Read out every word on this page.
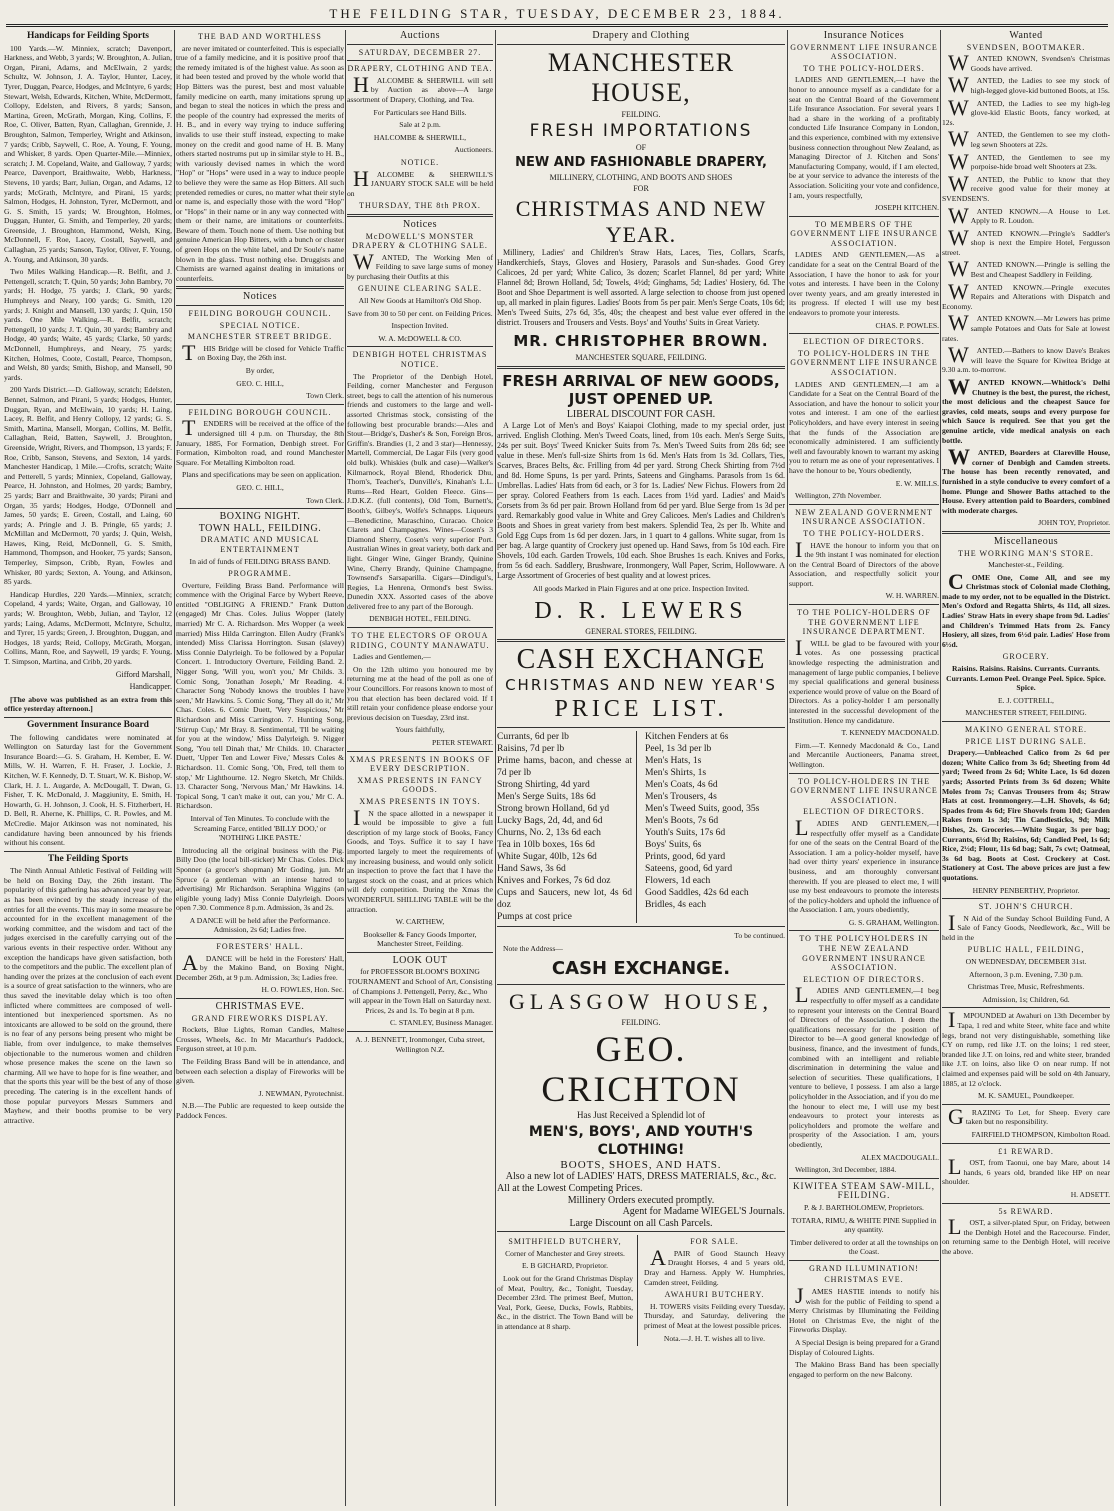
THE FEILDING STAR, TUESDAY, DECEMBER 23, 1884.
Handicaps for Feilding Sports

100 Yards.—W. Minniex, scratch; Davenport, Harkness, and Webb, 3 yards; W. Broughton, A. Julian, Organ, Pirani, Adams, and McElwain, 2 yards; Schultz, W. Johnson, J. A. Taylor, Hunter, Lacey, Tyrer, Duggan, Pearce, Hodges, and McIntyre, 6 yards; Stewart, Welsh, Edwards, Kitchen, White, McDermott, Collopy, Edelsten, and Rivers, 8 yards; Sanson, Martina, Green, McGrath, Morgan, King, Collins, F. Roe, C. Oliver, Batten, Ryan, Callaghan, Grennide, J. Broughton, Salmon, Temperley, Wright and Atkinson, 7 yards; Cribb, Saywell, C. Roe, A. Young, F. Young, and Whisker, 8 yards. Open Quarter-Mile.—Minniex, scratch; J. M. Copeland, Waite, and Galloway, 7 yards; Pearce, Davenport, Braithwaite, Webb, Harkness, Stevens, 10 yards; Barr, Julian, Organ, and Adams, 12 yards; McGrath, McIntyre, and Pirani, 15 yards; Salmon, Hodges, H. Johnston, Tyrer, McDermott, and G. S. Smith, 15 yards; W. Broughton, Holmes, Duggan, Hunter, G. Smith, and Temperley, 20 yards; Greenside, J. Broughton, Hammond, Welsh, King, McDonnell, F. Roe, Lacey, Costall, Saywell, and Callaghan, 25 yards; Sanson, Taylor, Oliver, F. Young, A. Young, and Atkinson, 30 yards.

Two Miles Walking Handicap.—R. Belfit, and J. Pettengell, scratch; T. Quin, 50 yards; John Bambry, 70 yards; H. Hodge, 75 yards; J. Clark, 90 yards; Humphreys and Neary, 100 yards; G. Smith, 120 yards; J. Knight and Mansell, 130 yards; J. Quin, 150 yards. One Mile Walking.—R. Belfit, scratch; Pettengell, 10 yards; J. T. Quin, 30 yards; Bambry and Hodge, 40 yards; Waite, 45 yards; Clarke, 50 yards; McDonnell, Humphreys, and Neary, 75 yards; Kitchen, Holmes, Coote, Costall, Pearce, Thompson, and Welsh, 80 yards; Smith, Bishop, and Mansell, 90 yards.

200 Yards District.—D. Galloway, scratch; Edelsten, Bennet, Salmon, and Pirani, 5 yards; Hodges, Hunter, Duggan, Ryan, and McElwain, 10 yards; H. Laing, Lacey, R. Belfit, and Henry Collopy, 12 yards; G. S. Smith, Martina, Mansell, Morgan, Collins, M. Belfit, Callaghan, Reid, Batten, Saywell, J. Broughton, Greenside, Wright, Rivers, and Thompson, 13 yards; F. Roe, Cribb, Sanson, Stevens, and Sexton, 14 yards. Manchester Handicap, 1 Mile.—Crofts, scratch; Waite and Petterell, 5 yards; Minniex, Copeland, Galloway, Pearce, H. Johnston, and Holmes, 20 yards; Bambry, 25 yards; Barr and Braithwaite, 30 yards; Pirani and Organ, 35 yards; Hodges, Hodge, O'Donnell and James, 50 yards; E. Green, Costall, and Laing, 60 yards; A. Pringle and J. B. Pringle, 65 yards; J. McMillan and McDermott, 70 yards; J. Quin, Welsh, Hawes, King, Reid, McDonnell, G. S. Smith, Hammond, Thompson, and Hooker, 75 yards; Sanson, Temperley, Simpson, Cribb, Ryan, Fowles and Whisker, 80 yards; Sexton, A. Young, and Atkinson, 85 yards.

Handicap Hurdles, 220 Yards.—Minniex, scratch; Copeland, 4 yards; Waite, Organ, and Galloway, 10 yards; W. Broughton, Webb, Julian, and Taylor, 12 yards; Laing, Adams, McDermott, McIntyre, Schultz, and Tyrer, 15 yards; Green, J. Broughton, Duggan, and Hodges, 18 yards; Reid, Collopy, McGrath, Morgan, Collins, Mann, Roe, and Saywell, 19 yards; F. Young, T. Simpson, Martina, and Cribb, 20 yards.

Gifford Marshall,

Handicapper.

[The above was published as an extra from this office yesterday afternoon.]

Government Insurance Board

The following candidates were nominated at Wellington on Saturday last for the Government Insurance Board:—G. S. Graham, H. Kember, E. W. Mills, W. H. Warren, F. H. Fraser, J. Lockie, J. Kitchen, W. F. Kennedy, D. T. Stuart, W. K. Bishop, W. Clark, H. J. L. Augarde, A. McDougall, T. Dwan, G. Fisher, T. K. McDonald, J. Maggiunity, E. Smith, H. Howarth, G. H. Johnson, J. Cook, H. S. Fitzherbert, H. D. Bell, R. Aherne, K. Phillips, C. R. Powles, and M. McCredie. Major Atkinson was not nominated, his candidature having been announced by his friends without his consent.

The Feilding Sports

The Ninth Annual Athletic Festival of Feilding will be held on Boxing Day, the 26th instant. The popularity of this gathering has advanced year by year, as has been evinced by the steady increase of the entries for all the events. This may in some measure be accounted for in the excellent management of the working committee, and the wisdom and tact of the judges exercised in the carefully carrying out of the various events in their respective order. Without any exception the handicaps have given satisfaction, both to the competitors and the public. The excellent plan of handing over the prizes at the conclusion of each event is a source of great satisfaction to the winners, who are thus saved the inevitable delay which is too often inflicted where committees are composed of well-intentioned but inexperienced sportsmen. As no intoxicants are allowed to be sold on the ground, there is no fear of any persons being present who might be liable, from over indulgence, to make themselves objectionable to the numerous women and children whose presence makes the scene on the lawn so charming. All we have to hope for is fine weather, and that the sports this year will be the best of any of those preceding. The catering is in the excellent hands of those popular purveyors Messrs Summers and Mayhew, and their booths promise to be very attractive.

THE BAD AND WORTHLESS

are never imitated or counterfeited. This is especially true of a family medicine, and it is positive proof that the remedy imitated is of the highest value. As soon as it had been tested and proved by the whole world that Hop Bitters was the purest, best and most valuable family medicine on earth, many imitations sprung up and began to steal the notices in which the press and the people of the country had expressed the merits of H. B., and in every way trying to induce suffering invalids to use their stuff instead, expecting to make money on the credit and good name of H. B. Many others started nostrums put up in similar style to H. B., with variously devised names in which the word "Hop" or "Hops" were used in a way to induce people to believe they were the same as Hop Bitters. All such pretended remedies or cures, no matter what their style or name is, and especially those with the word "Hop" or "Hops" in their name or in any way connected with them or their name, are imitations or counterfeits. Beware of them. Touch none of them. Use nothing but genuine American Hop Bitters, with a bunch or cluster of green Hops on the white label, and Dr Soule's name blown in the glass. Trust nothing else. Druggists and Chemists are warned against dealing in imitations or counterfeits.

Notices
FEILDING BOROUGH COUNCIL.
SPECIAL NOTICE.
MANCHESTER STREET BRIDGE.

THIS Bridge will be closed for Vehicle Traffic on Boxing Day, the 26th inst.

By order,

GEO. C. HILL,

Town Clerk.

FEILDING BOROUGH COUNCIL.

TENDERS will be received at the office of the undersigned till 4 p.m. on Thursday, the 8th January, 1885, For Formation, Denbigh street. For Formation, Kimbolton road, and round Manchester Square. For Metalling Kimbolton road.

Plans and specifications may be seen on application.

GEO. C. HILL,

Town Clerk.

BOXING NIGHT.
TOWN HALL, FEILDING.
DRAMATIC AND MUSICAL ENTERTAINMENT

In aid of funds of FEILDING BRASS BAND.

PROGRAMME.

Overture, Feilding Brass Band. Performance will commence with the Original Farce by Wybert Reeve, entitled "OBLIGING A FRIEND." Frank Dutton (engaged) Mr Chas. Coles. Julius Wopper (lately married) Mr C. A. Richardson. Mrs Wopper (a week married) Miss Hilda Carrington. Ellen Audry (Frank's intended) Miss Clarissa Horrington. Susan (slavey) Miss Connie Dalyrleigh. To be followed by a Popular Concert. 1. Introductory Overture, Feilding Band. 2. Nigger Song, 'Will you, won't you,' Mr Childs. 3. Comic Song, 'Jonathan Joseph,' Mr Reading. 4. Character Song 'Nobody knows the troubles I have seen,' Mr Hawkins. 5. Comic Song, 'They all do it,' Mr Chas. Coles. 6. Comic Duett, 'Very Suspicious,' Mr Richardson and Miss Carrington. 7. Hunting Song, 'Stirrup Cup,' Mr Bray. 8. Sentimental, 'I'll be waiting for you at the window,' Miss Dalyrleigh. 9. Nigger Song, 'You tell Dinah that,' Mr Childs. 10. Character Duett, 'Upper Ten and Lower Five,' Messrs Coles & Richardson. 11. Comic Song, 'Oh, Fred, tell them to stop,' Mr Lighthourne. 12. Negro Sketch, Mr Childs. 13. Character Song, 'Nervous Man,' Mr Hawkins. 14. Topical Song, 'I can't make it out, can you,' Mr C. A. Richardson.

Interval of Ten Minutes. To conclude with the Screaming Farce, entitled 'BILLY DOO,' or 'NOTHING LIKE PASTE.'

Introducing all the original business with the Pig. Billy Doo (the local bill-sticker) Mr Chas. Coles. Dick Sponner (a grocer's shopman) Mr Goding, jun. Mr Spruce (a gentleman with an intense hatred to advertising) Mr Richardson. Seraphina Wiggins (an eligible young lady) Miss Connie Dalyrleigh. Doors open 7.30. Commence 8 p.m. Admission, 3s and 2s.

A DANCE will be held after the Performance. Admission, 2s 6d; Ladies free.

FORESTERS' HALL.

ADANCE will be held in the Foresters' Hall, by the Makino Band, on Boxing Night, December 26th, at 9 p.m. Admission, 3s; Ladies free.

H. O. FOWLES, Hon. Sec.

CHRISTMAS EVE.
GRAND FIREWORKS DISPLAY.

Rockets, Blue Lights, Roman Candles, Maltese Crosses, Wheels, &c. In Mr Macarthur's Paddock, Ferguson street, at 10 p.m.

The Feilding Brass Band will be in attendance, and between each selection a display of Fireworks will be given.

J. NEWMAN, Pyrotechnist.

N.B.—The Public are requested to keep outside the Paddock Fences.

Auctions
SATURDAY, DECEMBER 27.
DRAPERY, CLOTHING AND TEA.

HALCOMBE & SHERWILL will sell by Auction as above—A large assortment of Drapery, Clothing, and Tea.

For Particulars see Hand Bills.

Sale at 2 p.m.

HALCOMBE & SHERWILL,

Auctioneers.

NOTICE.

HALCOMBE & SHERWILL'S JANUARY STOCK SALE will be held on

THURSDAY, THE 8th PROX.
Notices
McDOWELL'S MONSTER DRAPERY & CLOTHING SALE.

WANTED, The Working Men of Feilding to save large sums of money by purchasing their Outfits at this

GENUINE CLEARING SALE.

All New Goods at Hamilton's Old Shop.

Save from 30 to 50 per cent. on Feilding Prices.

Inspection Invited.

W. A. McDOWELL & CO.

DENBIGH HOTEL CHRISTMAS NOTICE.

The Proprietor of the Denbigh Hotel, Feilding, corner Manchester and Ferguson street, begs to call the attention of his numerous friends and customers to the large and well-assorted Christmas stock, consisting of the following best procurable brands:—Ales and Stout—Bridge's, Dasher's & Son, Foreign Bros, Griffin's. Brandies (1, 2 and 3 star)—Hennessy, Martell, Commercial, De Lagar Fils (very good old bulk). Whiskies (bulk and case)—Walker's Kilmarnock, Royal Blend, Rhoderick Dhu, Thorn's, Teacher's, Dunville's, Kinahan's L.L. Rums—Red Heart, Golden Fleece. Gins—J.D.K.Z. (full contents), Old Tom, Burnett's, Booth's, Gilbey's, Wolfe's Schnapps. Liqueurs—Benedictine, Maraschino, Curacao. Choice Clarets and Champagnes. Wines—Cosen's 3 Diamond Sherry, Cosen's very superior Port. Australian Wines in great variety, both dark and light. Ginger Wine, Ginger Brandy, Quinine Wine, Cherry Brandy, Quinine Champagne, Townsend's Sarsaparilla. Cigars—Dindigul's, Regies, La Henrena, Ormond's best Swiss. Dunedin XXX. Assorted cases of the above delivered free to any part of the Borough.

DENBIGH HOTEL, FEILDING.

TO THE ELECTORS OF OROUA RIDING, COUNTY MANAWATU.

Ladies and Gentlemen,—

On the 12th ultimo you honoured me by returning me at the head of the poll as one of your Councillors. For reasons known to most of you that election has been declared void. If I still retain your confidence please endorse your previous decision on Tuesday, 23rd inst.

Yours faithfully,

PETER STEWART.

XMAS PRESENTS IN BOOKS OF EVERY DESCRIPTION.
XMAS PRESENTS IN FANCY GOODS.
XMAS PRESENTS IN TOYS.

IN the space allotted in a newspaper it would be impossible to give a full description of my large stock of Books, Fancy Goods, and Toys. Suffice it to say I have imported largely to meet the requirements of my increasing business, and would only solicit an inspection to prove the fact that I have the largest stock on the coast, and at prices which will defy competition. During the Xmas the WONDERFUL SHILLING TABLE will be the attraction.

W. CARTHEW,

Bookseller & Fancy Goods Importer, Manchester Street, Feilding.

LOOK OUT

for PROFESSOR BLOOM'S BOXING TOURNAMENT and School of Art, Consisting of Champions J. Pettengell, Perry, &c., Who will appear in the Town Hall on Saturday next. Prices, 2s and 1s. To begin at 8 p.m.

C. STANLEY, Business Manager.

A. J. BENNETT, Ironmonger, Cuba street, Wellington N.Z.

Drapery and Clothing
MANCHESTER HOUSE,
FEILDING.
FRESH IMPORTATIONS
OF
NEW AND FASHIONABLE DRAPERY,
MILLINERY, CLOTHING, AND BOOTS AND SHOES
FOR
CHRISTMAS AND NEW YEAR.

Millinery, Ladies' and Children's Straw Hats, Laces, Ties, Collars, Scarfs, Handkerchiefs, Stays, Gloves and Hosiery, Parasols and Sun-shades. Good Grey Calicoes, 2d per yard; White Calico, 3s dozen; Scarlet Flannel, 8d per yard; White Flannel 8d; Brown Holland, 5d; Towels, 4½d; Ginghams, 5d; Ladies' Hosiery, 6d. The Boot and Shoe Department is well assorted. A large selection to choose from just opened up, all marked in plain figures. Ladies' Boots from 5s per pair. Men's Serge Coats, 10s 6d; Men's Tweed Suits, 27s 6d, 35s, 40s; the cheapest and best value ever offered in the district. Trousers and Trousers and Vests. Boys' and Youths' Suits in Great Variety.

MR. CHRISTOPHER BROWN.
MANCHESTER SQUARE, FEILDING.
FRESH ARRIVAL OF NEW GOODS,
JUST OPENED UP.
LIBERAL DISCOUNT FOR CASH.

A Large Lot of Men's and Boys' Kaiapoi Clothing, made to my special order, just arrived. English Clothing. Men's Tweed Coats, lined, from 10s each. Men's Serge Suits, 24s per suit. Boys' Tweed Knicker Suits from 7s. Men's Tweed Suits from 28s 6d; see value in these. Men's full-size Shirts from 1s 6d. Men's Hats from 1s 3d. Collars, Ties, Scarves, Braces Belts, &c. Frilling from 4d per yard. Strong Check Shirting from 7½d and 8d. Home Spuns, 1s per yard. Prints, Sateens and Ginghams. Parasols from 1s 6d. Umbrellas. Ladies' Hats from 6d each, or 3 for 1s. Ladies' New Fichus. Flowers from 2d per spray. Colored Feathers from 1s each. Laces from 1½d yard. Ladies' and Maid's Corsets from 3s 6d per pair. Brown Holland from 6d per yard. Blue Serge from 1s 3d per yard. Remarkably good value in White and Grey Calicoes. Men's Ladies and Children's Boots and Shoes in great variety from best makers. Splendid Tea, 2s per lb. White and Gold Egg Cups from 1s 6d per dozen. Jars, in 1 quart to 4 gallons. White sugar, from 1s per bag. A large quantity of Crockery just opened up. Hand Saws, from 5s 10d each. Fire Shovels, 10d each. Garden Trowels, 10d each. Shoe Brushes 1s each. Knives and Forks, from 5s 6d each. Saddlery, Brushware, Ironmongery, Wall Paper, Scrim, Hollowware. A Large Assortment of Groceries of best quality and at lowest prices.

All goods Marked in Plain Figures and at one price. Inspection Invited.

D. R. LEWERS
GENERAL STORES, FEILDING.
CASH EXCHANGE
CHRISTMAS AND NEW YEAR'S
PRICE LIST.
Currants, 6d per lb
Raisins, 7d per lb
Prime hams, bacon, and chesse at 7d per lb
Strong Shirting, 4d yard
Men's Serge Suits, 18s 6d
Strong brown Holland, 6d yd
Lucky Bags, 2d, 4d, and 6d
Churns, No. 2, 13s 6d each
Tea in 10lb boxes, 16s 6d
White Sugar, 40lb, 12s 6d
Hand Saws, 3s 6d
Knives and Forkes, 7s 6d doz
Cups and Saucers, new lot, 4s 6d doz
Pumps at cost price
Kitchen Fenders at 6s
Peel, 1s 3d per lb
Men's Hats, 1s
Men's Shirts, 1s
Men's Coats, 4s 6d
Men's Trousers, 4s
Men's Tweed Suits, good, 35s
Men's Boots, 7s 6d
Youth's Suits, 17s 6d
Boys' Suits, 6s
Prints, good, 6d yard
Sateens, good, 6d yard
Flowers, 1d each
Good Saddles, 42s 6d each
Bridles, 4s each

To be continued.

Note the Address—

CASH EXCHANGE.
GLASGOW HOUSE,
FEILDING.
GEO. CRICHTON
Has Just Received a Splendid lot of
MEN'S, BOYS', AND YOUTH'S CLOTHING!
BOOTS, SHOES, AND HATS.
Also a new lot of LADIES' HATS, DRESS MATERIALS, &c., &c.
All at the Lowest Competing Prices.
Millinery Orders executed promptly.
Agent for Madame WIEGEL'S Journals.
Large Discount on all Cash Parcels.
SMITHFIELD BUTCHERY,

Corner of Manchester and Grey streets.

E. B GICHARD, Proprietor.

Look out for the Grand Christmas Display of Meat, Poultry, &c., Tonight, Tuesday, December 23rd. The primest Beef, Mutton, Veal, Pork, Geese, Ducks, Fowls, Rabbits, &c., in the district. The Town Band will be in attendance at 8 sharp.

FOR SALE.

APAIR of Good Staunch Heavy Draught Horses, 4 and 5 years old, Dray and Harness. Apply W. Humphries, Camden street, Feilding.

AWAHURI BUTCHERY.

H. TOWERS visits Feilding every Tuesday, Thursday, and Saturday, delivering the primest of Meat at the lowest possible prices.

Nota.—J. H. T. wishes all to live.

Insurance Notices
GOVERNMENT LIFE INSURANCE ASSOCIATION.
TO THE POLICY-HOLDERS.

LADIES AND GENTLEMEN,—I have the honor to announce myself as a candidate for a seat on the Central Board of the Government Life Insurance Association. For several years I had a share in the working of a profitably conducted Life Insurance Company in London, and this experience, combined with my extensive business connection throughout New Zealand, as Managing Director of J. Kitchen and Sons' Manufacturing Company, would, if I am elected, be at your service to advance the interests of the Association. Soliciting your vote and confidence, I am, yours respectfully,

JOSEPH KITCHEN.

TO MEMBERS OF THE GOVERNMENT LIFE INSURANCE ASSOCIATION.

LADIES AND GENTLEMEN,—AS a candidate for a seat on the Central Board of the Association, I have the honor to ask for your votes and interests. I have been in the Colony over twenty years, and am greatly interested in its progress. If elected I will use my best endeavors to promote your interests.

CHAS. P. POWLES.

ELECTION OF DIRECTORS.
TO POLICY-HOLDERS IN THE GOVERNMENT LIFE INSURANCE ASSOCIATION.

LADIES AND GENTLEMEN,—I am a Candidate for a Seat on the Central Board of the Association, and have the honour to solicit your votes and interest. I am one of the earliest Policyholders, and have every interest in seeing that the funds of the Association are economically administered. I am sufficiently well and favourably known to warrant my asking you to return me as one of your representatives. I have the honour to be, Yours obediently,

E. W. MILLS.

Wellington, 27th November.

NEW ZEALAND GOVERNMENT INSURANCE ASSOCIATION.
TO THE POLICY-HOLDERS.

IHAVE the honour to inform you that on the 9th instant I was nominated for election on the Central Board of Directors of the above Association, and respectfully solicit your support.

W. H. WARREN.

TO THE POLICY-HOLDERS OF THE GOVERNMENT LIFE INSURANCE DEPARTMENT.

IWILL be glad to be favoured with your votes. As one possessing practical knowledge respecting the administration and management of large public companies, I believe my special qualifications and general business experience would prove of value on the Board of Directors. As a policy-holder I am personally interested in the successful development of the Institution. Hence my candidature.

T. KENNEDY MACDONALD.

Firm.—T. Kennedy Macdonald & Co., Land and Mercantile Auctioneers, Panama street, Wellington.

TO POLICY-HOLDERS IN THE GOVERNMENT LIFE INSURANCE ASSOCIATION.
ELECTION OF DIRECTORS.

LADIES AND GENTLEMEN,—I respectfully offer myself as a Candidate for one of the seats on the Central Board of the Association. I am a policy-holder myself, have had over thirty years' experience in insurance business, and am thoroughly conversant therewith. If you are pleased to elect me, I will use my best endeavours to promote the interests of the policy-holders and uphold the influence of the Association. I am, yours obediently,

G. S. GRAHAM, Wellington.

TO THE POLICYHOLDERS IN THE NEW ZEALAND GOVERNMENT INSURANCE ASSOCIATION.
ELECTION OF DIRECTORS.

LADIES AND GENTLEMEN,—I beg respectfully to offer myself as a candidate to represent your interests on the Central Board of Directors of the Association. I deem the qualifications necessary for the position of Director to be—A good general knowledge of business, finance, and the investment of funds, combined with an intelligent and reliable discrimination in determining the value and selection of securities. These qualifications, I venture to believe, I possess. I am also a large policyholder in the Association, and if you do me the honour to elect me, I will use my best endeavours to protect your interests as policyholders and promote the welfare and prosperity of the Association. I am, yours obediently,

ALEX MACDOUGALL.

Wellington, 3rd December, 1884.

KIWITEA STEAM SAW-MILL, FEILDING.

P. & J. BARTHOLOMEW, Proprietors.

TOTARA, RIMU, & WHITE PINE Supplied in any quantity.

Timber delivered to order at all the townships on the Coast.

GRAND ILLUMINATION!
CHRISTMAS EVE.

JAMES HASTIE intends to notify his wish for the public of Feilding to spend a Merry Christmas by Illuminating the Feilding Hotel on Christmas Eve, the night of the Fireworks Display.

A Special Design is being prepared for a Grand Display of Coloured Lights.

The Makino Brass Band has been specially engaged to perform on the new Balcony.

Wanted
SVENDSEN, BOOTMAKER.

WANTED KNOWN, Svendsen's Christmas Goods have arrived.

WANTED, the Ladies to see my stock of high-legged glove-kid buttoned Boots, at 15s.

WANTED, the Ladies to see my high-leg glove-kid Elastic Boots, fancy worked, at 12s.

WANTED, the Gentlemen to see my cloth-leg sewn Shooters at 22s.

WANTED, the Gentlemen to see my porpoise-hide broad welt Shooters at 23s.

WANTED, the Public to know that they receive good value for their money at SVENDSEN'S.

WANTED KNOWN.—A House to Let. Apply to R. Loudon.

WANTED KNOWN.—Pringle's Saddler's shop is next the Empire Hotel, Fergusson street.

WANTED KNOWN.—Pringle is selling the Best and Cheapest Saddlery in Feilding.

WANTED KNOWN.—Pringle executes Repairs and Alterations with Dispatch and Economy.

WANTED KNOWN.—Mr Lewers has prime sample Potatoes and Oats for Sale at lowest rates.

WANTED.—Bathers to know Dave's Brakes will leave the Square for Kiwitea Bridge at 9.30 a.m. to-morrow.

WANTED KNOWN.—Whitlock's Delhi Chutney is the best, the purest, the richest, the most delicious and the cheapest Sauce for gravies, cold meats, soups and every purpose for which Sauce is required. See that you get the genuine article, vide medical analysis on each bottle.

WANTED, Boarders at Clareville House, corner of Denbigh and Camden streets. The house has been recently renovated, and furnished in a style conducive to every comfort of a home. Plunge and Shower Baths attached to the House. Every attention paid to Boarders, combined with moderate charges.

JOHN TOY, Proprietor.

Miscellaneous
THE WORKING MAN'S STORE.

Manchester-st., Feilding.

COME One, Come All, and see my Christmas stock of Colonial made Clothing, made to my order, not to be equalled in the District. Men's Oxford and Regatta Shirts, 4s 11d, all sizes. Ladies' Straw Hats in every shape from 9d. Ladies' and Children's Trimmed Hats from 2s. Fancy Hosiery, all sizes, from 6½d pair. Ladies' Hose from 6½d.

GROCERY.

Raisins. Raisins. Raisins. Currants. Currants. Currants. Lemon Peel. Orange Peel. Spice. Spice. Spice.

E. J. COTTRELL,

MANCHESTER STREET, FEILDING.

MAKINO GENERAL STORE.
PRICE LIST DURING SALE.

Drapery.—Unbleached Calico from 2s 6d per dozen; White Calico from 3s 6d; Sheeting from 4d yard; Tweed from 2s 6d; White Lace, 1s 6d dozen yards; Assorted Prints from 3s 6d dozen; White Moles from 7s; Canvas Trousers from 4s; Straw Hats at cost. Ironmongery.—L.H. Shovels, 4s 6d; Spades from 4s 6d; Fire Shovels from 10d; Garden Rakes from 1s 3d; Tin Candlesticks, 9d; Milk Dishes, 2s. Groceries.—White Sugar, 3s per bag; Currants, 6½d lb; Raisins, 6d; Candied Peel, 1s 6d; Rice, 2½d; Flour, 11s 6d bag; Salt, 7s cwt; Oatmeal, 3s 6d bag. Boots at Cost. Crockery at Cost. Stationery at Cost. The above prices are just a few quotations.

HENRY PENBERTHY, Proprietor.

ST. JOHN'S CHURCH.

IN Aid of the Sunday School Building Fund, A Sale of Fancy Goods, Needlework, &c., Will be held in the

PUBLIC HALL, FEILDING,

ON WEDNESDAY, DECEMBER 31st.

Afternoon, 3 p.m. Evening, 7.30 p.m.

Christmas Tree, Music, Refreshments.

Admission, 1s; Children, 6d.

IMPOUNDED at Awahuri on 13th December by Tapa, 1 red and white Steer, white face and white legs, brand not very distinguishable, something like CY on rump, red like J.T. on the loins; 1 red steer, branded like J.T. on loins, red and white steer, branded like J.T. on loins, also like O on near rump. If not claimed and expenses paid will be sold on 4th January, 1885, at 12 o'clock.

M. K. SAMUEL, Poundkeeper.

GRAZING To Let, for Sheep. Every care taken but no responsibility.

FAIRFIELD THOMPSON, Kimbolton Road.

£1 REWARD.

LOST, from Taonui, one bay Mare, about 14 hands, 6 years old, branded like HP on near shoulder.

H. ADSETT.

5s REWARD.

LOST, a silver-plated Spur, on Friday, between the Denbigh Hotel and the Racecourse. Finder, on returning same to the Denbigh Hotel, will receive the above.
